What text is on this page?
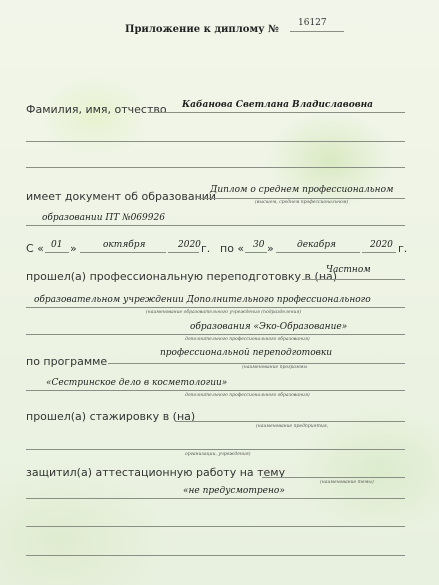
Приложение к диплому №
16127
Фамилия, имя, отчество Кабанова Светлана Владиславовна
имеет документ об образовании
Диплом о среднем профессиональном
(высшем, среднем профессиональном)
образовании ПТ №069926
С « 01 »	октября	2020 г. по « 30 »	декабря	2020 г.
прошел(а) профессиональную переподготовку в (на)
Частном
образовательном учреждении Дополнительного профессионального
(наименование образовательного учреждения (подразделения)
образования «Эко-Образование»
дополнительного профессионального образования)
по программе
профессиональной переподготовки
(наименование программы
«Сестринское дело в косметологии»
дополнительного профессионального образования)
прошел(а) стажировку в (на)
(наименование предприятия,
организации, учреждения)
защитил(а) аттестационную работу на тему
(наименование темы)
«не предусмотрено»
